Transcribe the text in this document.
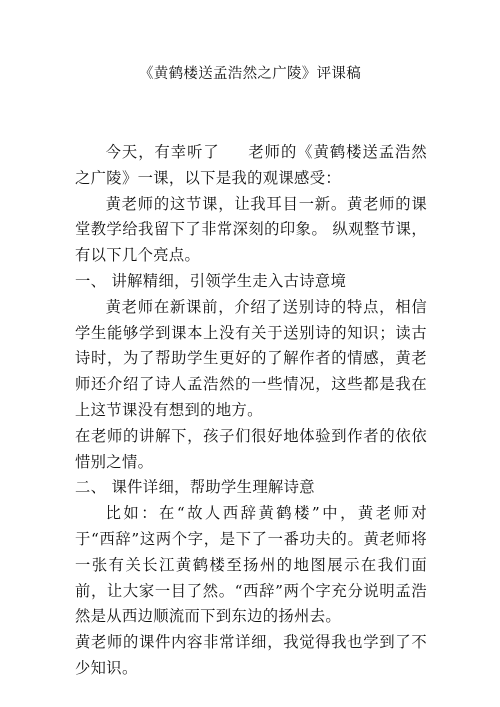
《黄鹤楼送孟浩然之广陵》评课稿

今天，有幸听了 老师的《黄鹤楼送孟浩然之广陵》一课，以下是我的观课感受：

黄老师的这节课，让我耳目一新。黄老师的课堂教学给我留下了非常深刻的印象。 纵观整节课，有以下几个亮点。

一、 讲解精细，引领学生走入古诗意境

黄老师在新课前，介绍了送别诗的特点，相信学生能够学到课本上没有关于送别诗的知识；读古诗时，为了帮助学生更好的了解作者的情感，黄老师还介绍了诗人孟浩然的一些情况，这些都是我在上这节课没有想到的地方。

在老师的讲解下，孩子们很好地体验到作者的依依惜别之情。

二、 课件详细，帮助学生理解诗意

比如：在“故人西辞黄鹤楼”中，黄老师对于“西辞”这两个字，是下了一番功夫的。黄老师将一张有关长江黄鹤楼至扬州的地图展示在我们面前，让大家一目了然。“西辞”两个字充分说明孟浩然是从西边顺流而下到东边的扬州去。

黄老师的课件内容非常详细，我觉得我也学到了不少知识。
